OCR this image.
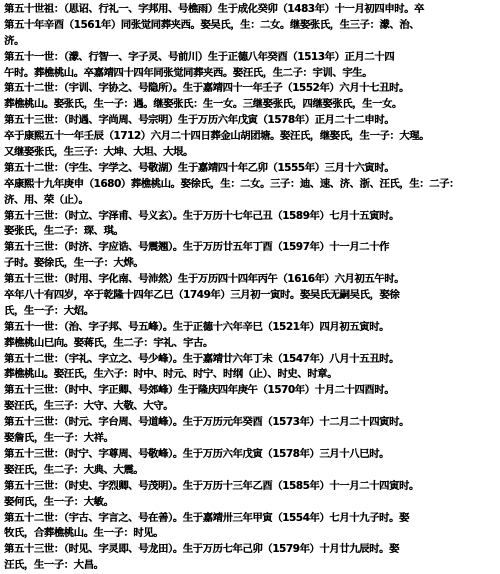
第五十世祖：（思诏、行礼一、字邦用、号樵雨）生于成化癸卯（1483年）十一月初四申时。卒
第五十年辛酉（1561年）同张觉同葬夹西。娶吴氏，生：二女。继娶张氏，生三子：濛、治、
济。
第五十一世：（濛、行智一、字子灵、号前川）生于正德八年癸酉（1513年）正月二十四
午时。葬樵桃山。卒嘉靖四十四年同张觉同葬夹西。娶汪氏，生二子：宇训、宇生。
第五十二世：（宇训、字协之、号隐所）。生于嘉靖四十一年壬子（1552年）六月十七丑时。
葬樵桃山。娶张氏，生一子：遇。继娶张氏：生一女。三继娶张氏，四继娶张氏，生一女。
第五十三世：（时遇、字尚周、号宗明）生于万历六年戊寅（1578年）正月二十二申时。
卒于康熙五十一年壬辰（1712）六月二十四日葬金山胡团塘。娶汪氏，继娶氏，生一子：大瑆。
又继娶张氏，生三子：大坤、大坦、大垠。
第五十二世：（宇生、字学之、号敬湖）生于嘉靖四十年乙卯（1555年）三月十六寅时。
卒康熙十九年庚申（1680）葬樵桃山。娶徐氏，生：二女。三子：迪、速、济、浙、汪氏，生：二子：
济、用、荣（止）。
第五十三世：（时立、字泽甫、号义玄）。生于万历十七年己丑（1589年）七月十五寅时。
娶张氏，生二子：琛、琪。
第五十三世：（时济、字应诰、号震翘）。生于万历廿五年丁酉（1597年）十一月二十作
子时。娶徐氏，生一子：大烨。
第五十三世：（时用、字化南、号沛然）生于万历四十四年丙午（1616年）六月初五午时。
卒年八十有四岁，卒于乾隆十四年乙巳（1749年）三月初一寅时。娶吴氏无嗣吴氏，娶徐
氏，生一子：大炤。
第五十一世：（治、字子邦、号五峰）。生于正德十六年辛巳（1521年）四月初五寅时。
葬樵桃山巳向。娶蒋氏，生二子：宇礼、宇古。
第五十二世：（宇礼、字立之、号少峰）。生于嘉靖廿六年丁未（1547年）八月十五丑时。
葬樵桃山。娶汪氏，生六子：时中、时元、时宁、时纲（止）、时史、时章。
第五十三世：（时中、字正卿、号郊峰）生于隆庆四年庚午（1570年）十月二十四酉时。
娶汪氏，生三子：大守、大敬、大守。
第五十三世：（时元、字台周、号道峰）。生于万历元年癸酉（1573年）十二月二十四寅时。
娶詹氏，生一子：大祥。
第五十三世：（时宁、字尊周、号敬峰）。生于万历六年戊寅（1578年）三月十八巳时。
娶汪氏，生二子：大典、大震。
第五十三世：（时史、字烈卿、号茂明）。生于万历十三年乙酉（1585年）十一月二十四寅时。
娶何氏，生一子：大敏。
第五十二世：（宇古、字言之、号在善）。生于嘉靖卅三年甲寅（1554年）七月十九子时。娶
牧氏，合葬樵桃山。生一子：时见。
第五十三世：（时见、字灵即、号龙田）。生于万历七年己卯（1579年）十月廿九辰时。娶
汪氏，生一子：大昌。
